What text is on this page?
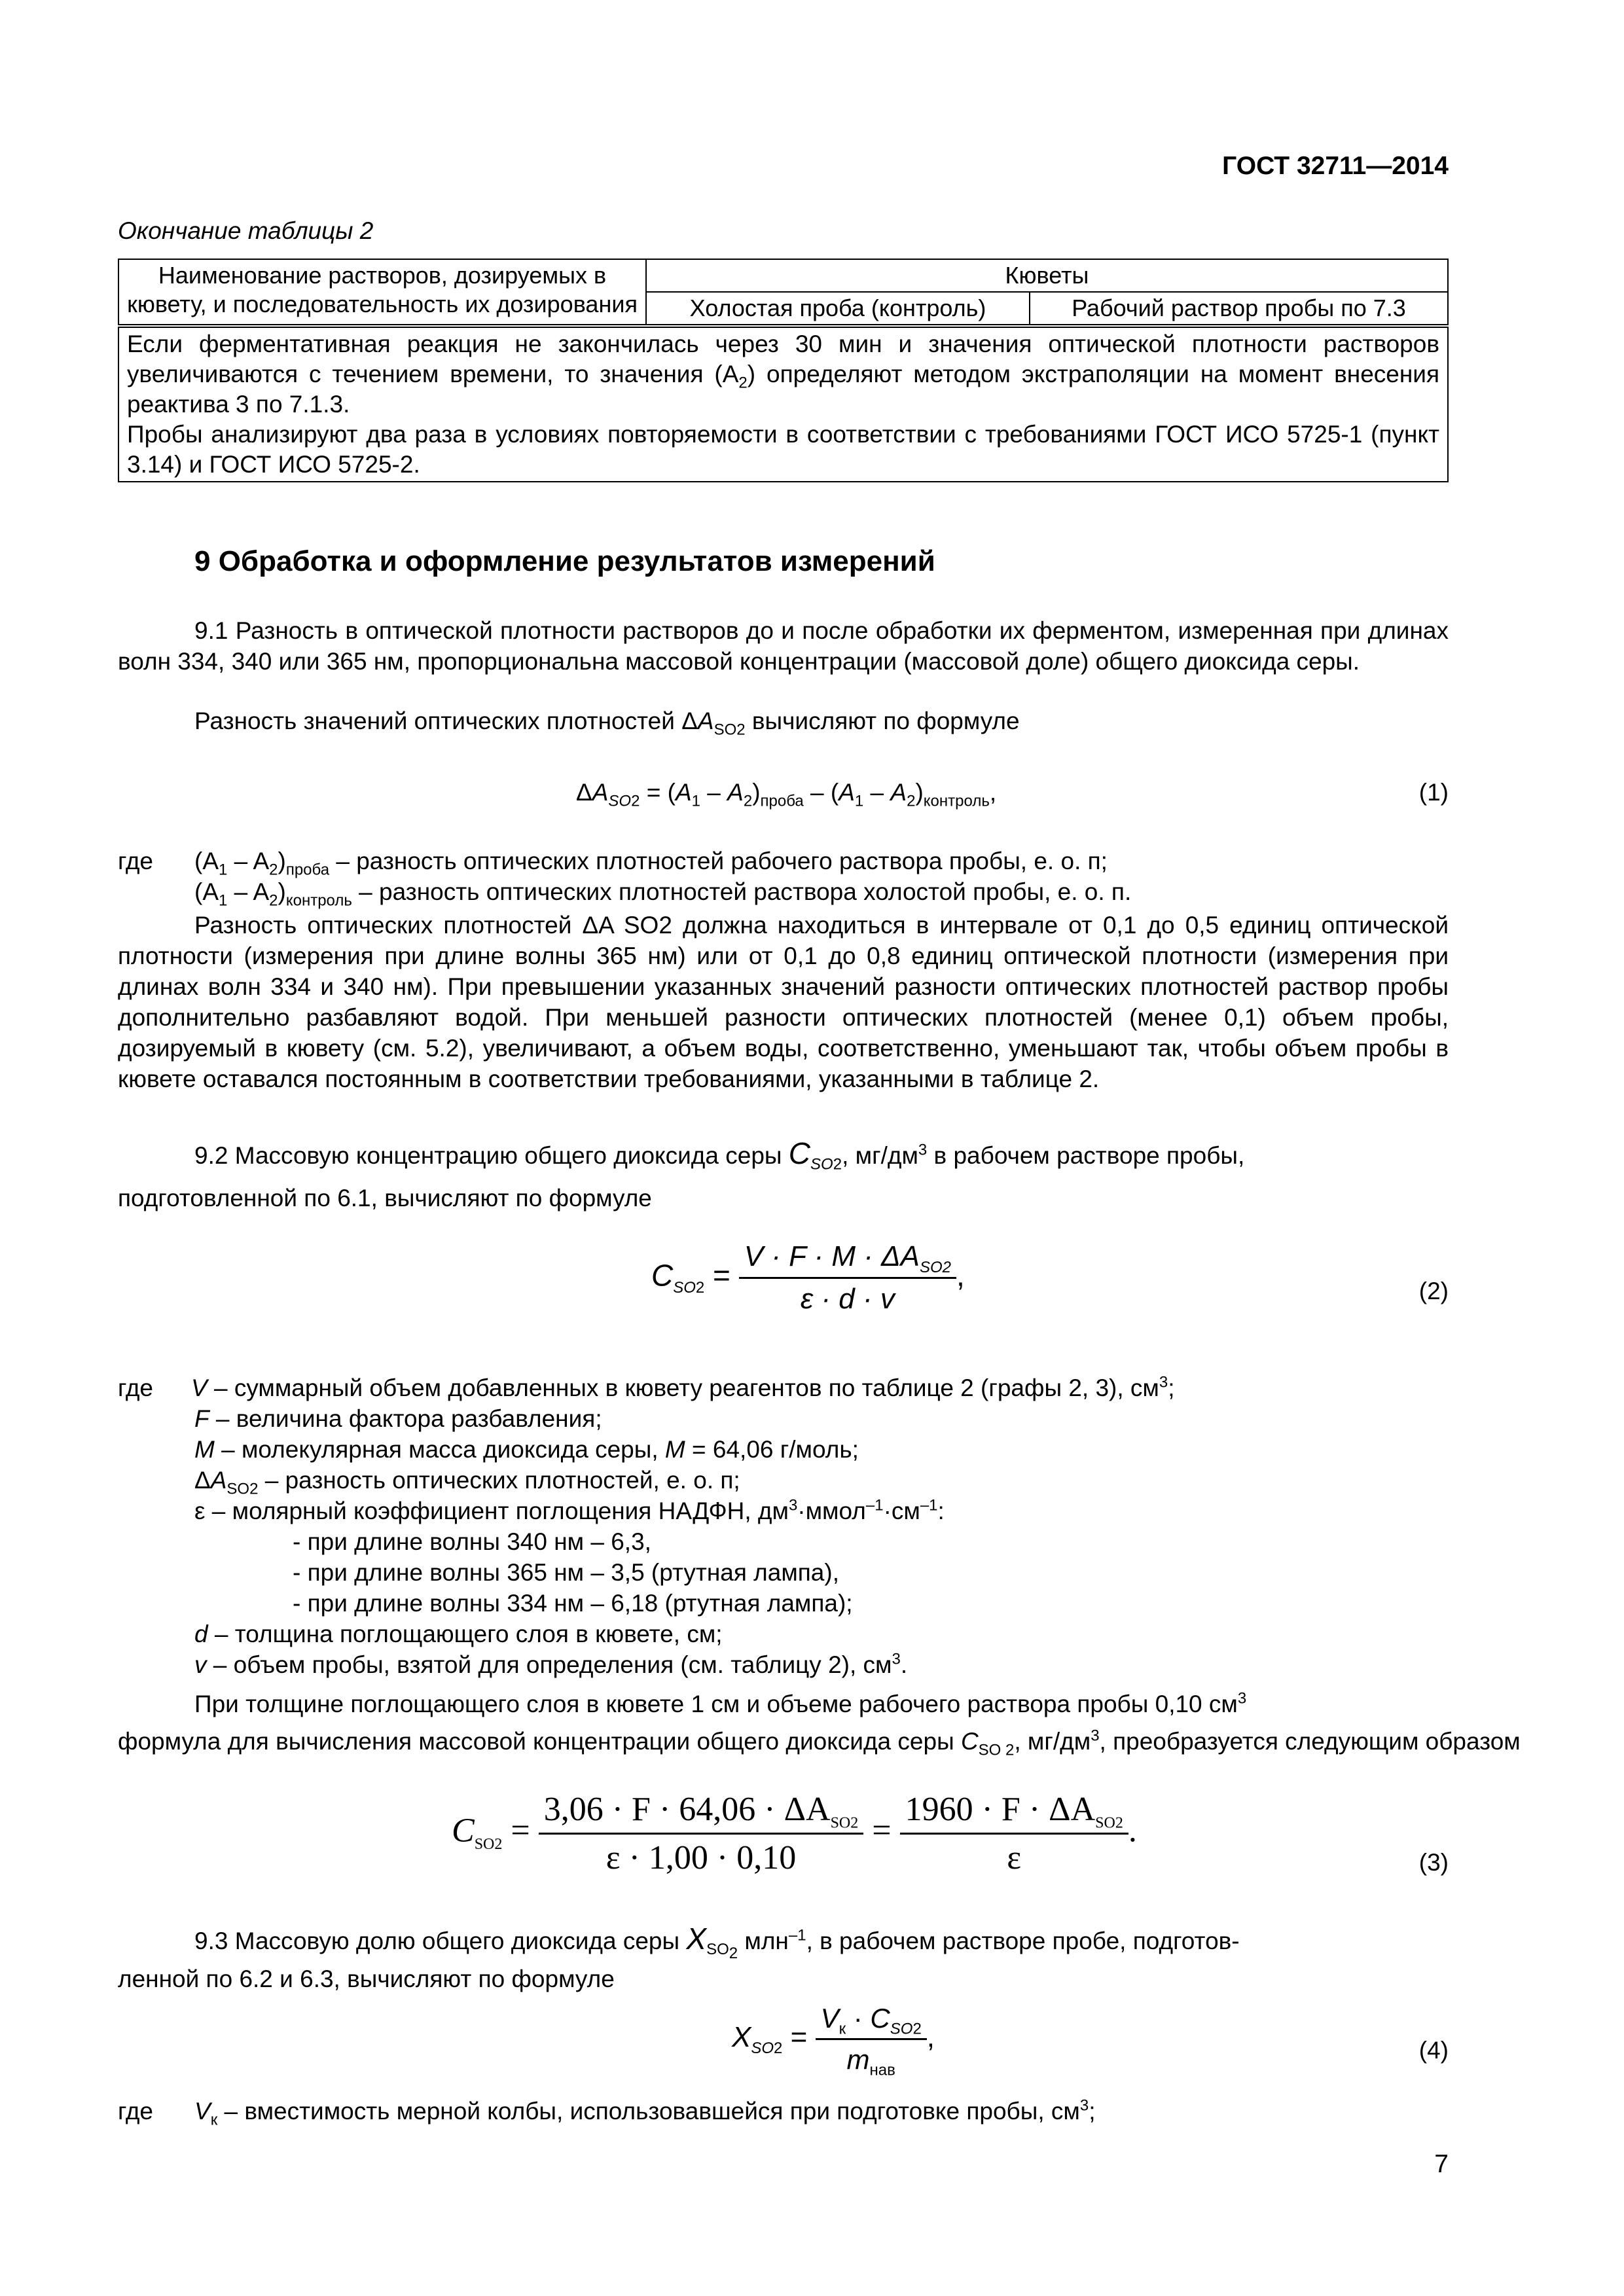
ГОСТ 32711—2014
Окончание таблицы 2
Наименование растворов, дозируемых в кювету, и последовательность их дозирования	Кюветы	
	Холостая проба (контроль)	Рабочий раствор пробы по 7.3
Если ферментативная реакция не закончилась через 30 мин и значения оптической плотности растворов увеличиваются с течением времени, то значения $(A_2)$ определяют методом экстраполяции на момент внесения реактива 3 по 7.1.3.
Пробы анализируют два раза в условиях повторяемости в соответствии с требованиями ГОСТ ИСО 5725-1 (пункт 3.14) и ГОСТ ИСО 5725-2.		
9 Обработка и оформление результатов измерений
9.1 Разность в оптической плотности растворов до и после обработки их ферментом, измеренная при длинах волн 334, 340 или 365 нм, пропорциональна массовой концентрации (массовой доле) общего диоксида серы.
Разность значений оптических плотностей $\Delta A_{SO2}$ вычисляют по формуле
$\Delta A_{SO2} = (A_1 - A_2)_{проба} - (A_1 - A_2)_{контроль}$,	(1)
где $(A_1 - A_2)_{проба}$ – разность оптических плотностей рабочего раствора пробы, е. о. п;
$(A_1 - A_2)_{контроль}$ – разность оптических плотностей раствора холостой пробы, е. о. п.
Разность оптических плотностей ΔA SO2 должна находиться в интервале от 0,1 до 0,5 единиц оптической плотности (измерения при длине волны 365 нм) или от 0,1 до 0,8 единиц оптической плотности (измерения при длинах волн 334 и 340 нм). При превышении указанных значений разности оптических плотностей раствор пробы дополнительно разбавляют водой. При меньшей разности оптических плотностей (менее 0,1) объем пробы, дозируемый в кювету (см. 5.2), увеличивают, а объем воды, соответственно, уменьшают так, чтобы объем пробы в кювете оставался постоянным в соответствии требованиями, указанными в таблице 2.
9.2 Массовую концентрацию общего диоксида серы $C_{SO2}$, $мг/дм^3$ в рабочем растворе пробы,
подготовленной по 6.1, вычисляют по формуле
$C_{SO2} = \frac{V \cdot F \cdot M \cdot \Delta A_{SO2}}{\varepsilon \cdot d \cdot v}$ ,	(2)
где V – суммарный объем добавленных в кювету реагентов по таблице 2 (графы 2, 3), $см^3$;
F – величина фактора разбавления;
M – молекулярная масса диоксида серы, M = 64,06 г/моль;
$\Delta A_{SO2}$ – разность оптических плотностей, е. о. п;
ε – молярный коэффициент поглощения НАДФН, $дм^3\cdot ммол^{-1}\cdot см^{-1}$:
- при длине волны 340 нм – 6,3,
- при длине волны 365 нм – 3,5 (ртутная лампа),
- при длине волны 334 нм – 6,18 (ртутная лампа);
d – толщина поглощающего слоя в кювете, см;
v – объем пробы, взятой для определения (см. таблицу 2), $см^3$.
При толщине поглощающего слоя в кювете 1 см и объеме рабочего раствора пробы 0,10 $см^3$
формула для вычисления массовой концентрации общего диоксида серы $C_{SO 2}$, $мг/дм^3$, преобразуется следующим образом
$C_{SO2} = \frac{3,06 \cdot F \cdot 64,06 \cdot \Delta A_{SO2}}{\varepsilon \cdot 1,00 \cdot 0,10} = \frac{1960 \cdot F \cdot \Delta A_{SO2}}{\varepsilon}$ .
(3)
9.3 Массовую долю общего диоксида серы $X_{SO_2}$ млн$^{-1}$, в рабочем растворе пробе, подготов-
ленной по 6.2 и 6.3, вычисляют по формуле
$X_{SO2} = \frac{V_к \cdot C_{SO2}}{m_{нав}}$ ,	(4)
где $V_к$ – вместимость мерной колбы, использовавшейся при подготовке пробы, $см^3$;
7
